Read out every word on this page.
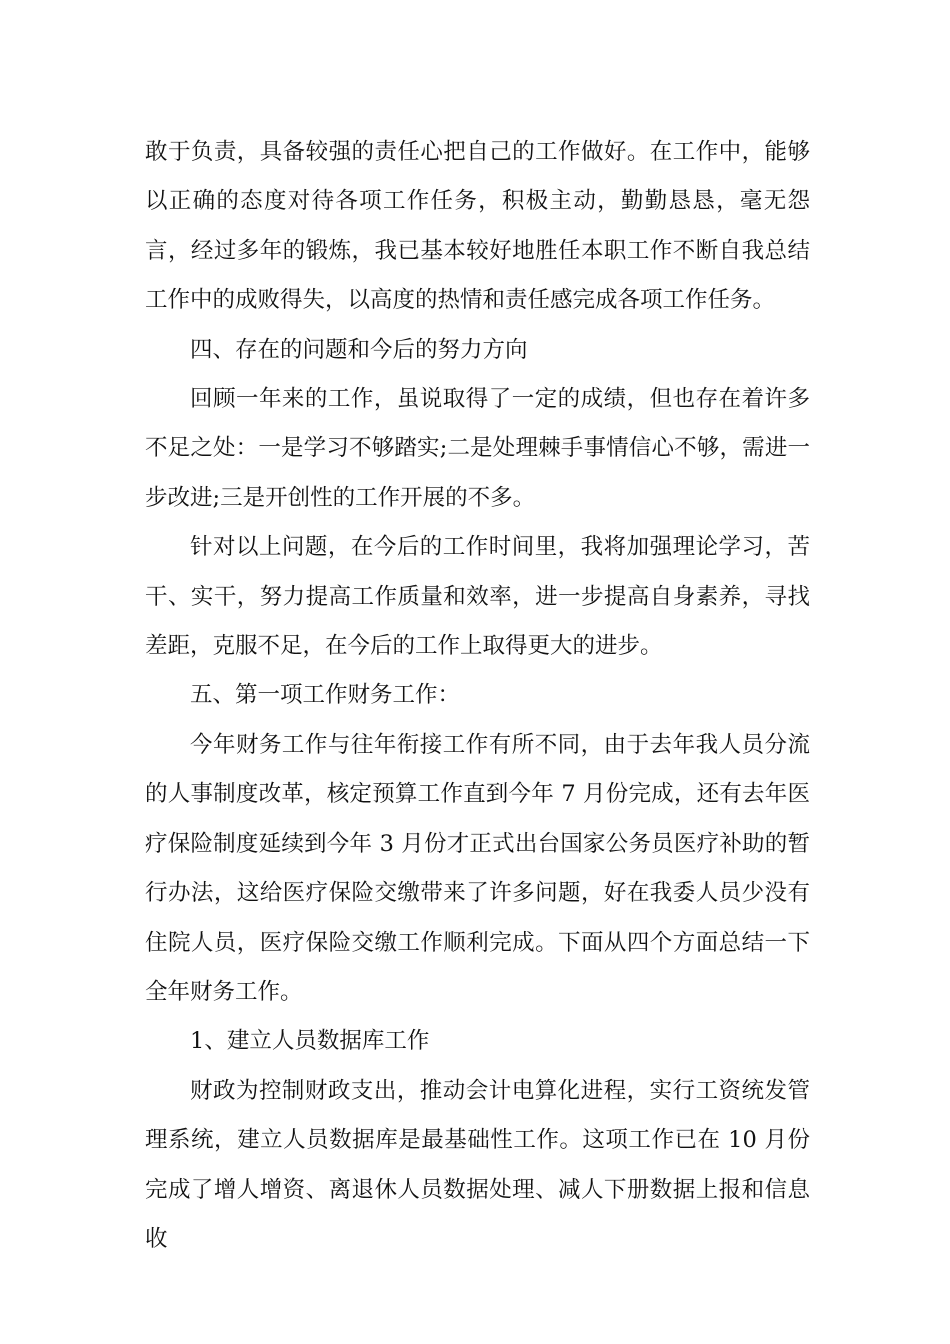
敢于负责，具备较强的责任心把自己的工作做好。在工作中，能够以正确的态度对待各项工作任务，积极主动，勤勤恳恳，毫无怨言，经过多年的锻炼，我已基本较好地胜任本职工作不断自我总结工作中的成败得失，以高度的热情和责任感完成各项工作任务。

四、存在的问题和今后的努力方向

回顾一年来的工作，虽说取得了一定的成绩，但也存在着许多不足之处：一是学习不够踏实;二是处理棘手事情信心不够，需进一步改进;三是开创性的工作开展的不多。

针对以上问题，在今后的工作时间里，我将加强理论学习，苦干、实干，努力提高工作质量和效率，进一步提高自身素养，寻找差距，克服不足，在今后的工作上取得更大的进步。

五、第一项工作财务工作：

今年财务工作与往年衔接工作有所不同，由于去年我人员分流的人事制度改革，核定预算工作直到今年 7 月份完成，还有去年医疗保险制度延续到今年 3 月份才正式出台国家公务员医疗补助的暂行办法，这给医疗保险交缴带来了许多问题，好在我委人员少没有住院人员，医疗保险交缴工作顺利完成。下面从四个方面总结一下全年财务工作。

1、建立人员数据库工作

财政为控制财政支出，推动会计电算化进程，实行工资统发管理系统，建立人员数据库是最基础性工作。这项工作已在 10 月份完成了增人增资、离退休人员数据处理、减人下册数据上报和信息收
